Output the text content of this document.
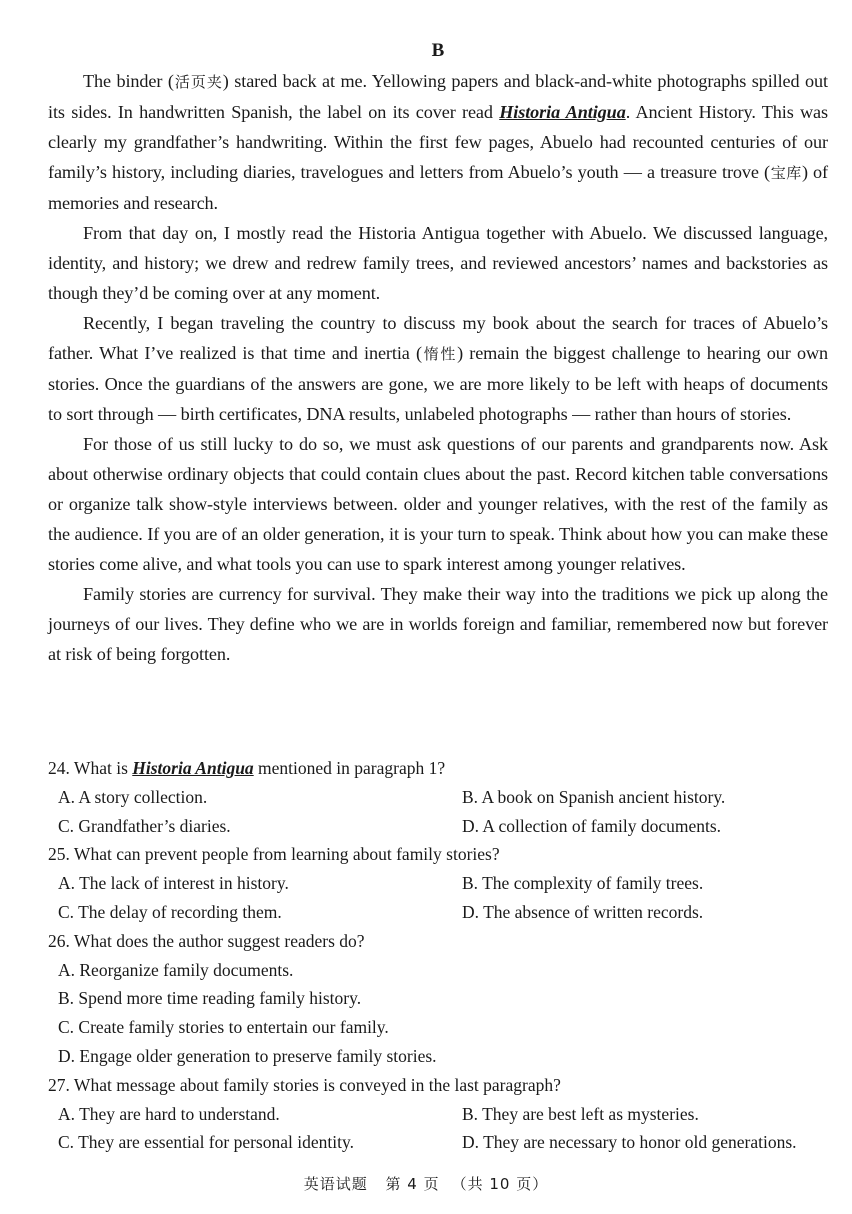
B

The binder (活页夹) stared back at me. Yellowing papers and black-and-white photographs spilled out its sides. In handwritten Spanish, the label on its cover read Historia Antigua. Ancient History. This was clearly my grandfather’s handwriting. Within the first few pages, Abuelo had recounted centuries of our family’s history, including diaries, travelogues and letters from Abuelo’s youth — a treasure trove (宝库) of memories and research.

From that day on, I mostly read the Historia Antigua together with Abuelo. We discussed language, identity, and history; we drew and redrew family trees, and reviewed ancestors’ names and backstories as though they’d be coming over at any moment.

Recently, I began traveling the country to discuss my book about the search for traces of Abuelo’s father. What I’ve realized is that time and inertia (惰性) remain the biggest challenge to hearing our own stories. Once the guardians of the answers are gone, we are more likely to be left with heaps of documents to sort through — birth certificates, DNA results, unlabeled photographs — rather than hours of stories.

For those of us still lucky to do so, we must ask questions of our parents and grandparents now. Ask about otherwise ordinary objects that could contain clues about the past. Record kitchen table conversations or organize talk show-style interviews between. older and younger relatives, with the rest of the family as the audience. If you are of an older generation, it is your turn to speak. Think about how you can make these stories come alive, and what tools you can use to spark interest among younger relatives.

Family stories are currency for survival. They make their way into the traditions we pick up along the journeys of our lives. They define who we are in worlds foreign and familiar, remembered now but forever at risk of being forgotten.

24. What is Historia Antigua mentioned in paragraph 1?
A. A story collection.	B. A book on Spanish ancient history.
C. Grandfather’s diaries.	D. A collection of family documents.
25. What can prevent people from learning about family stories?
A. The lack of interest in history.	B. The complexity of family trees.
C. The delay of recording them.	D. The absence of written records.
26. What does the author suggest readers do?
A. Reorganize family documents.
B. Spend more time reading family history.
C. Create family stories to entertain our family.
D. Engage older generation to preserve family stories.
27. What message about family stories is conveyed in the last paragraph?
A. They are hard to understand.	B. They are best left as mysteries.
C. They are essential for personal identity.	D. They are necessary to honor old generations.
英语试题 第 4 页 （共 10 页）
